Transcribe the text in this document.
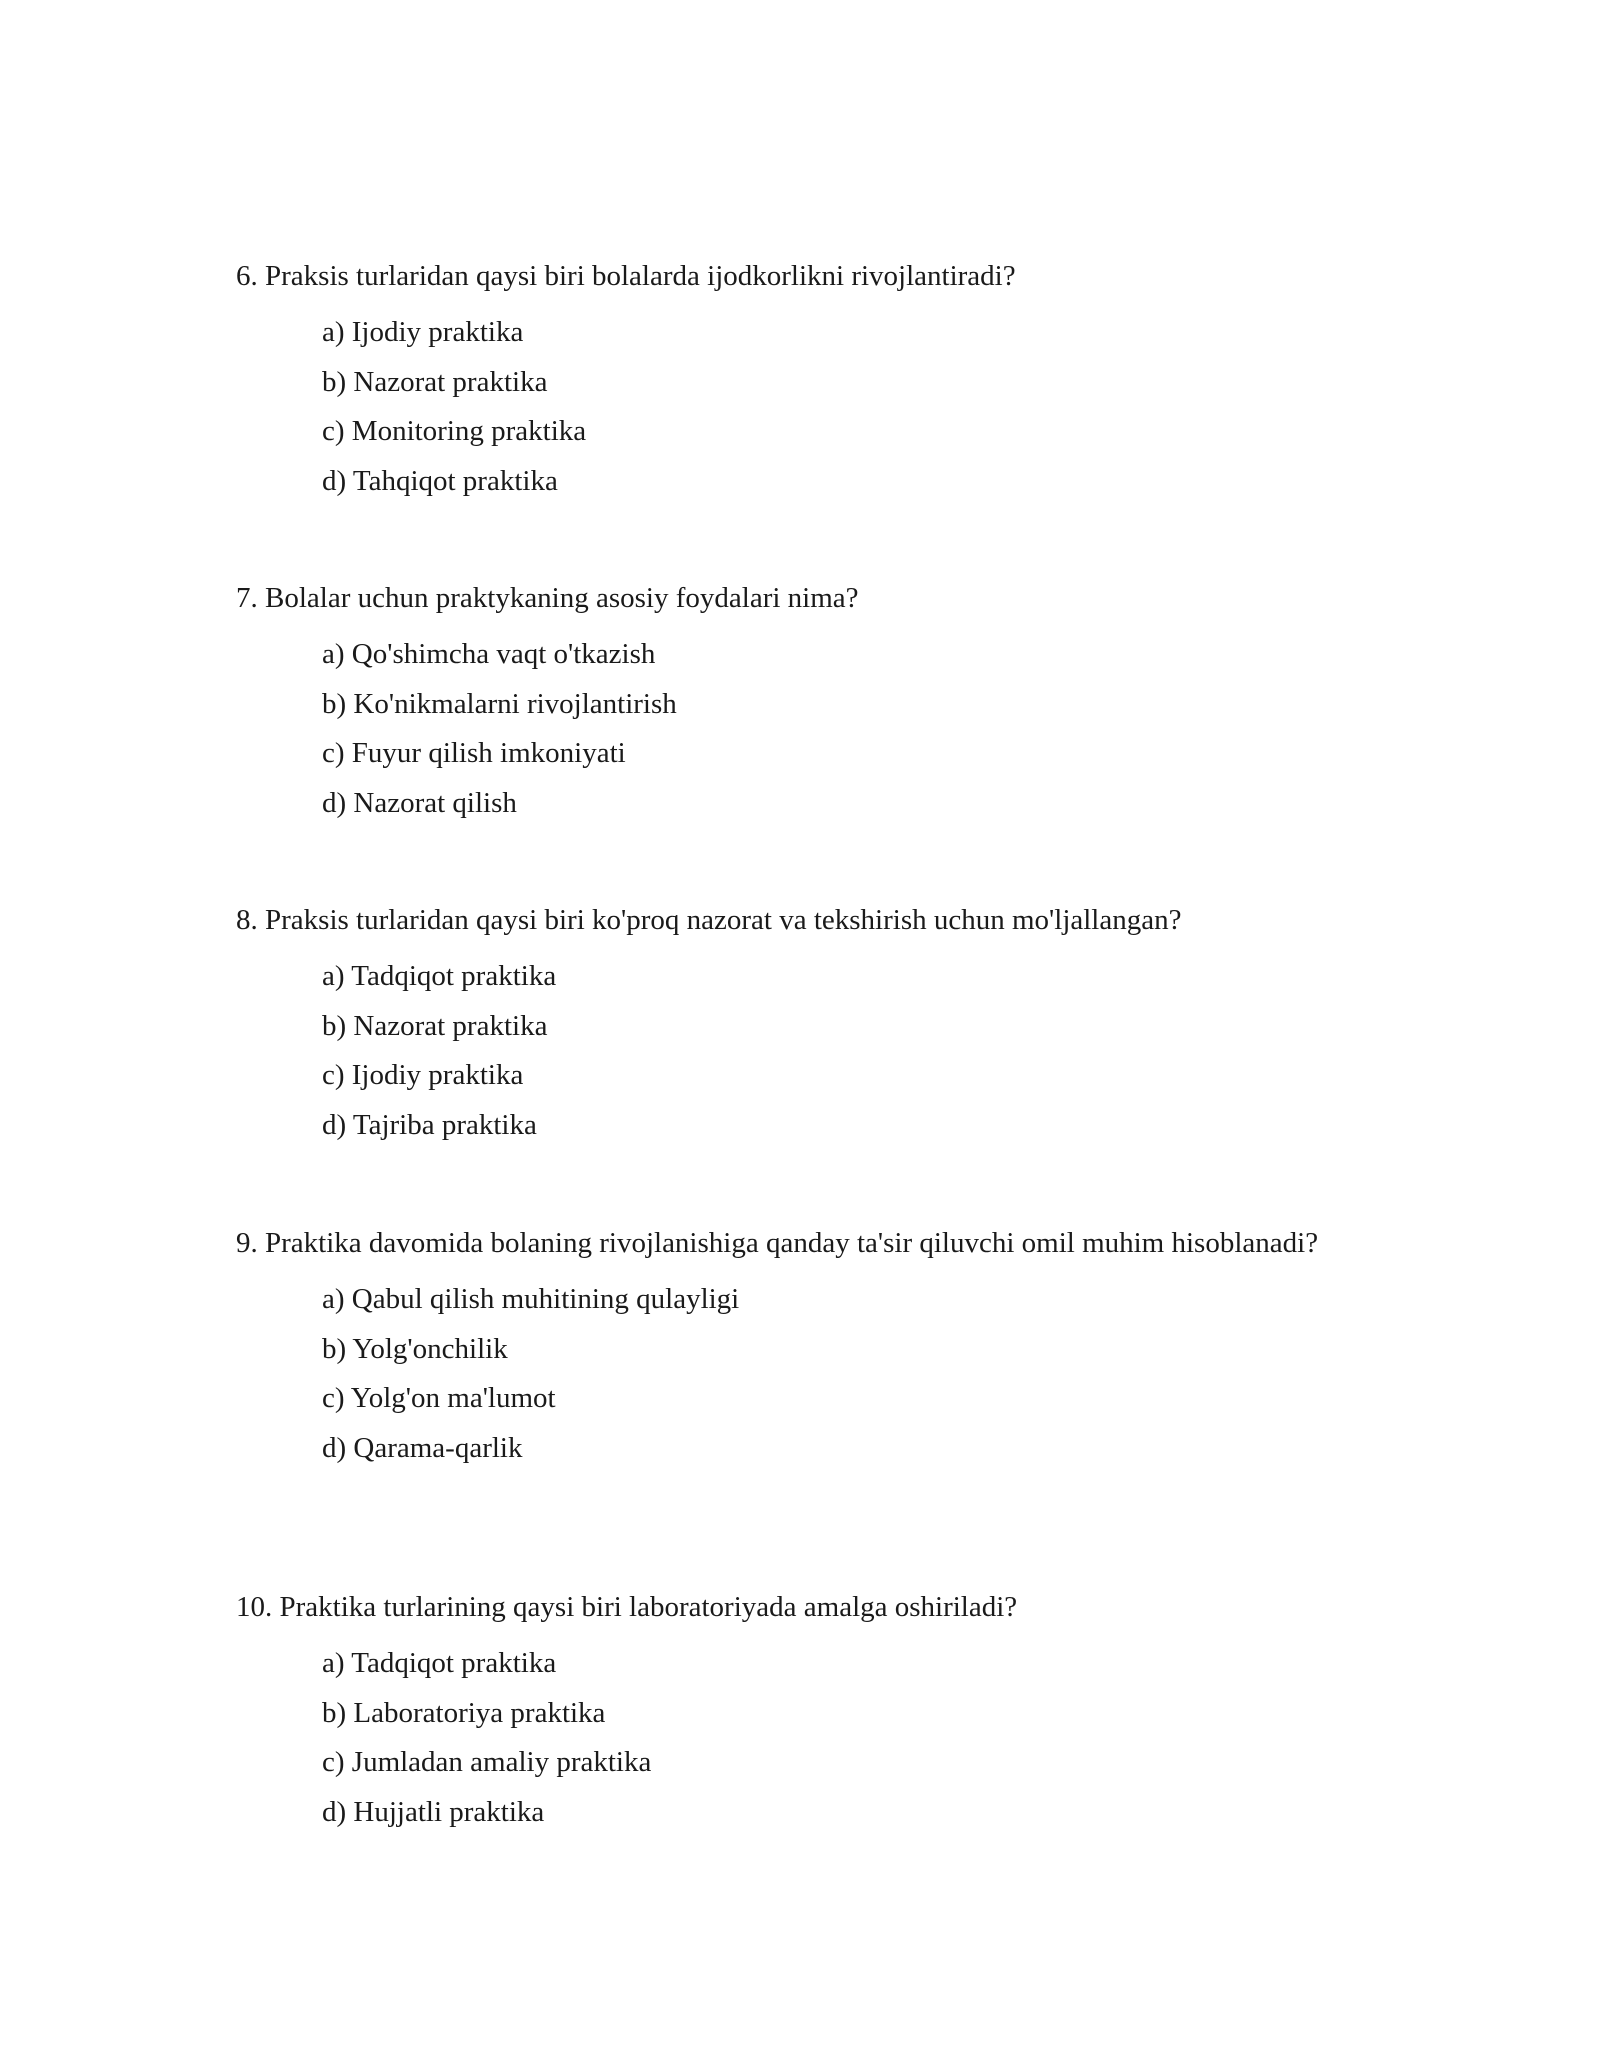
6. Praksis turlaridan qaysi biri bolalarda ijodkorlikni rivojlantiradi?

a) Ijodiy praktika
b) Nazorat praktika
c) Monitoring praktika
d) Tahqiqot praktika

7. Bolalar uchun praktykaning asosiy foydalari nima?

a) Qo'shimcha vaqt o'tkazish
b) Ko'nikmalarni rivojlantirish
c) Fuyur qilish imkoniyati
d) Nazorat qilish

8. Praksis turlaridan qaysi biri ko'proq nazorat va tekshirish uchun mo'ljallangan?

a) Tadqiqot praktika
b) Nazorat praktika
c) Ijodiy praktika
d) Tajriba praktika

9. Praktika davomida bolaning rivojlanishiga qanday ta'sir qiluvchi omil muhim hisoblanadi?

a) Qabul qilish muhitining qulayligi
b) Yolg'onchilik
c) Yolg'on ma'lumot
d) Qarama-qarlik

10. Praktika turlarining qaysi biri laboratoriyada amalga oshiriladi?

a) Tadqiqot praktika
b) Laboratoriya praktika
c) Jumladan amaliy praktika
d) Hujjatli praktika
